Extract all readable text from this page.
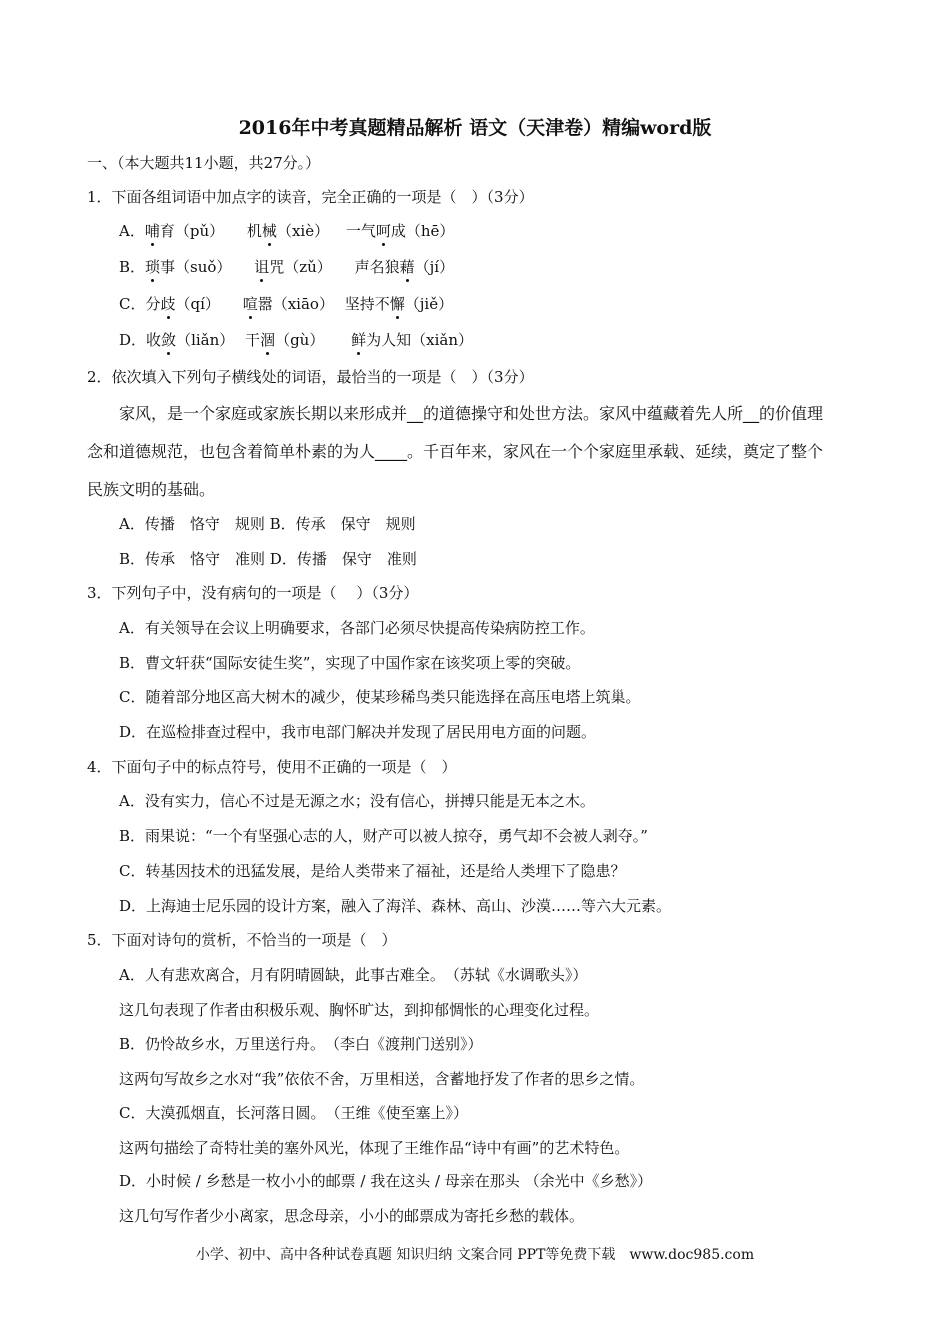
2016年中考真题精品解析 语文（天津卷）精编word版
一、（本大题共11小题，共27分。）
1．下面各组词语中加点字的读音，完全正确的一项是（　）（3分）
A．哺育（pǔ） 机械（xiè） 一气呵成（hē）
B．琐事（suǒ） 诅咒（zǔ） 声名狼藉（jí）
C．分歧（qí） 喧嚣（xiāo） 坚持不懈（jiě）
D．收敛（liǎn） 干涸（gù） 鲜为人知（xiǎn）
2．依次填入下列句子横线处的词语，最恰当的一项是（　）（3分）
家风，是一个家庭或家族长期以来形成并__的道德操守和处世方法。家风中蕴藏着先人所__的价值理
念和道德规范，也包含着简单朴素的为人____。千百年来，家风在一个个家庭里承载、延续，奠定了整个
民族文明的基础。
A．传播　恪守　规则 B．传承　保守　规则
B．传承　恪守　准则 D．传播　保守　准则
3．下列句子中，没有病句的一项是（　 ）（3分）
A．有关领导在会议上明确要求，各部门必须尽快提高传染病防控工作。
B．曹文轩获“国际安徒生奖”，实现了中国作家在该奖项上零的突破。
C．随着部分地区高大树木的减少，使某珍稀鸟类只能选择在高压电塔上筑巢。
D．在巡检排查过程中，我市电部门解决并发现了居民用电方面的问题。
4．下面句子中的标点符号，使用不正确的一项是（　）
A．没有实力，信心不过是无源之水；没有信心，拼搏只能是无本之木。
B．雨果说：“一个有坚强心志的人，财产可以被人掠夺，勇气却不会被人剥夺。”
C．转基因技术的迅猛发展，是给人类带来了福祉，还是给人类埋下了隐患？
D．上海迪士尼乐园的设计方案，融入了海洋、森林、高山、沙漠……等六大元素。
5．下面对诗句的赏析，不恰当的一项是（　）
A．人有悲欢离合，月有阴晴圆缺，此事古难全。　（苏轼《水调歌头》）
这几句表现了作者由积极乐观、胸怀旷达，到抑郁惆怅的心理变化过程。
B．仍怜故乡水，万里送行舟。　（李白《渡荆门送别》）
这两句写故乡之水对“我”依依不舍，万里相送，含蓄地抒发了作者的思乡之情。
C．大漠孤烟直，长河落日圆。　（王维《使至塞上》）
这两句描绘了奇特壮美的塞外风光，体现了王维作品“诗中有画”的艺术特色。
D．小时候 / 乡愁是一枚小小的邮票 / 我在这头 / 母亲在那头 （余光中《乡愁》）
这几句写作者少小离家，思念母亲，小小的邮票成为寄托乡愁的载体。
小学、初中、高中各种试卷真题 知识归纳 文案合同 PPT等免费下载　www.doc985.com
